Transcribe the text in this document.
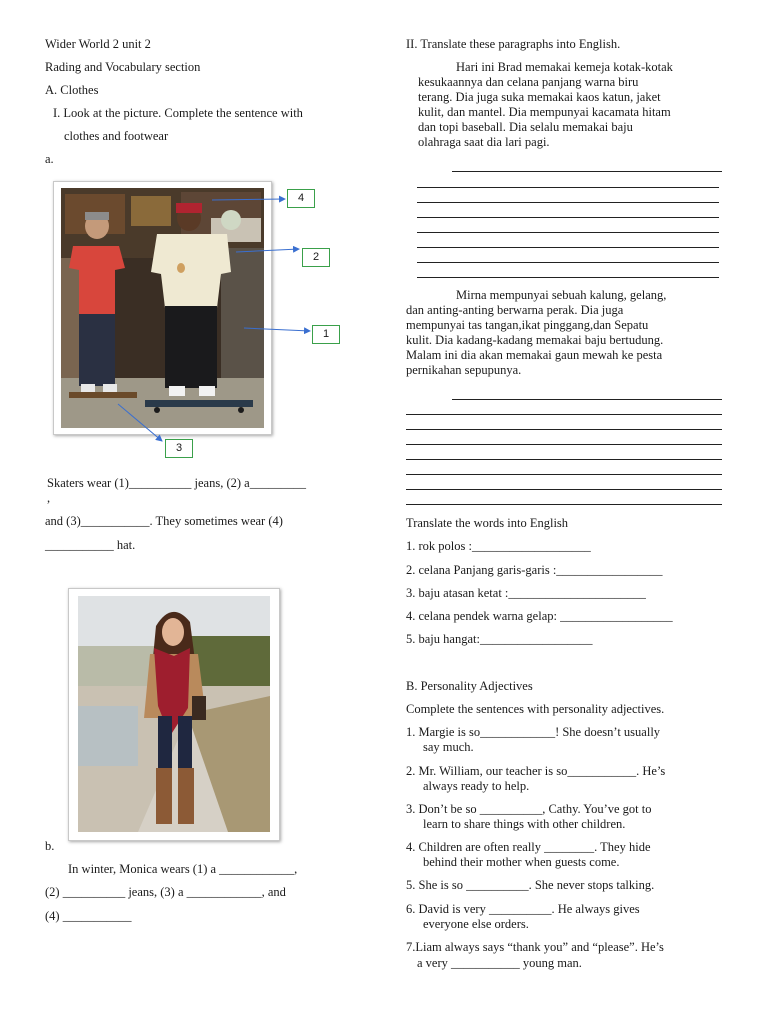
Wider World 2 unit 2
Rading and Vocabulary section
A. Clothes
I. Look at the picture. Complete the sentence with
clothes and footwear
a.
4
2
1
3
Skaters wear (1)__________ jeans, (2) a_________
,
and (3)___________. They sometimes wear (4)
___________ hat.
b.
In winter, Monica wears (1) a ____________,
(2) __________ jeans, (3) a ____________, and
(4) ___________
II. Translate these paragraphs into English.
Hari ini Brad memakai kemeja kotak-kotak
kesukaannya dan celana panjang warna biru
terang. Dia juga suka memakai kaos katun, jaket
kulit, dan mantel. Dia mempunyai kacamata hitam
dan topi baseball. Dia selalu memakai baju
olahraga saat dia lari pagi.
Mirna mempunyai sebuah kalung, gelang,
dan anting-anting berwarna perak. Dia juga
mempunyai tas tangan,ikat pinggang,dan Sepatu
kulit. Dia kadang-kadang memakai baju bertudung.
Malam ini dia akan memakai gaun mewah ke pesta
pernikahan sepupunya.
Translate the words into English
1. rok polos :___________________
2. celana Panjang garis-garis :_________________
3. baju atasan ketat :______________________
4. celana pendek warna gelap: __________________
5. baju hangat:__________________
B. Personality Adjectives
Complete the sentences with personality adjectives.
1. Margie is so____________! She doesn’t usually
say much.
2. Mr. William, our teacher is so___________. He’s
always ready to help.
3. Don’t be so __________, Cathy. You’ve got to
learn to share things with other children.
4. Children are often really ________. They hide
behind their mother when guests come.
5. She is so __________. She never stops talking.
6. David is very __________. He always gives
everyone else orders.
7.Liam always says “thank you” and “please”. He’s
a very ___________ young man.
